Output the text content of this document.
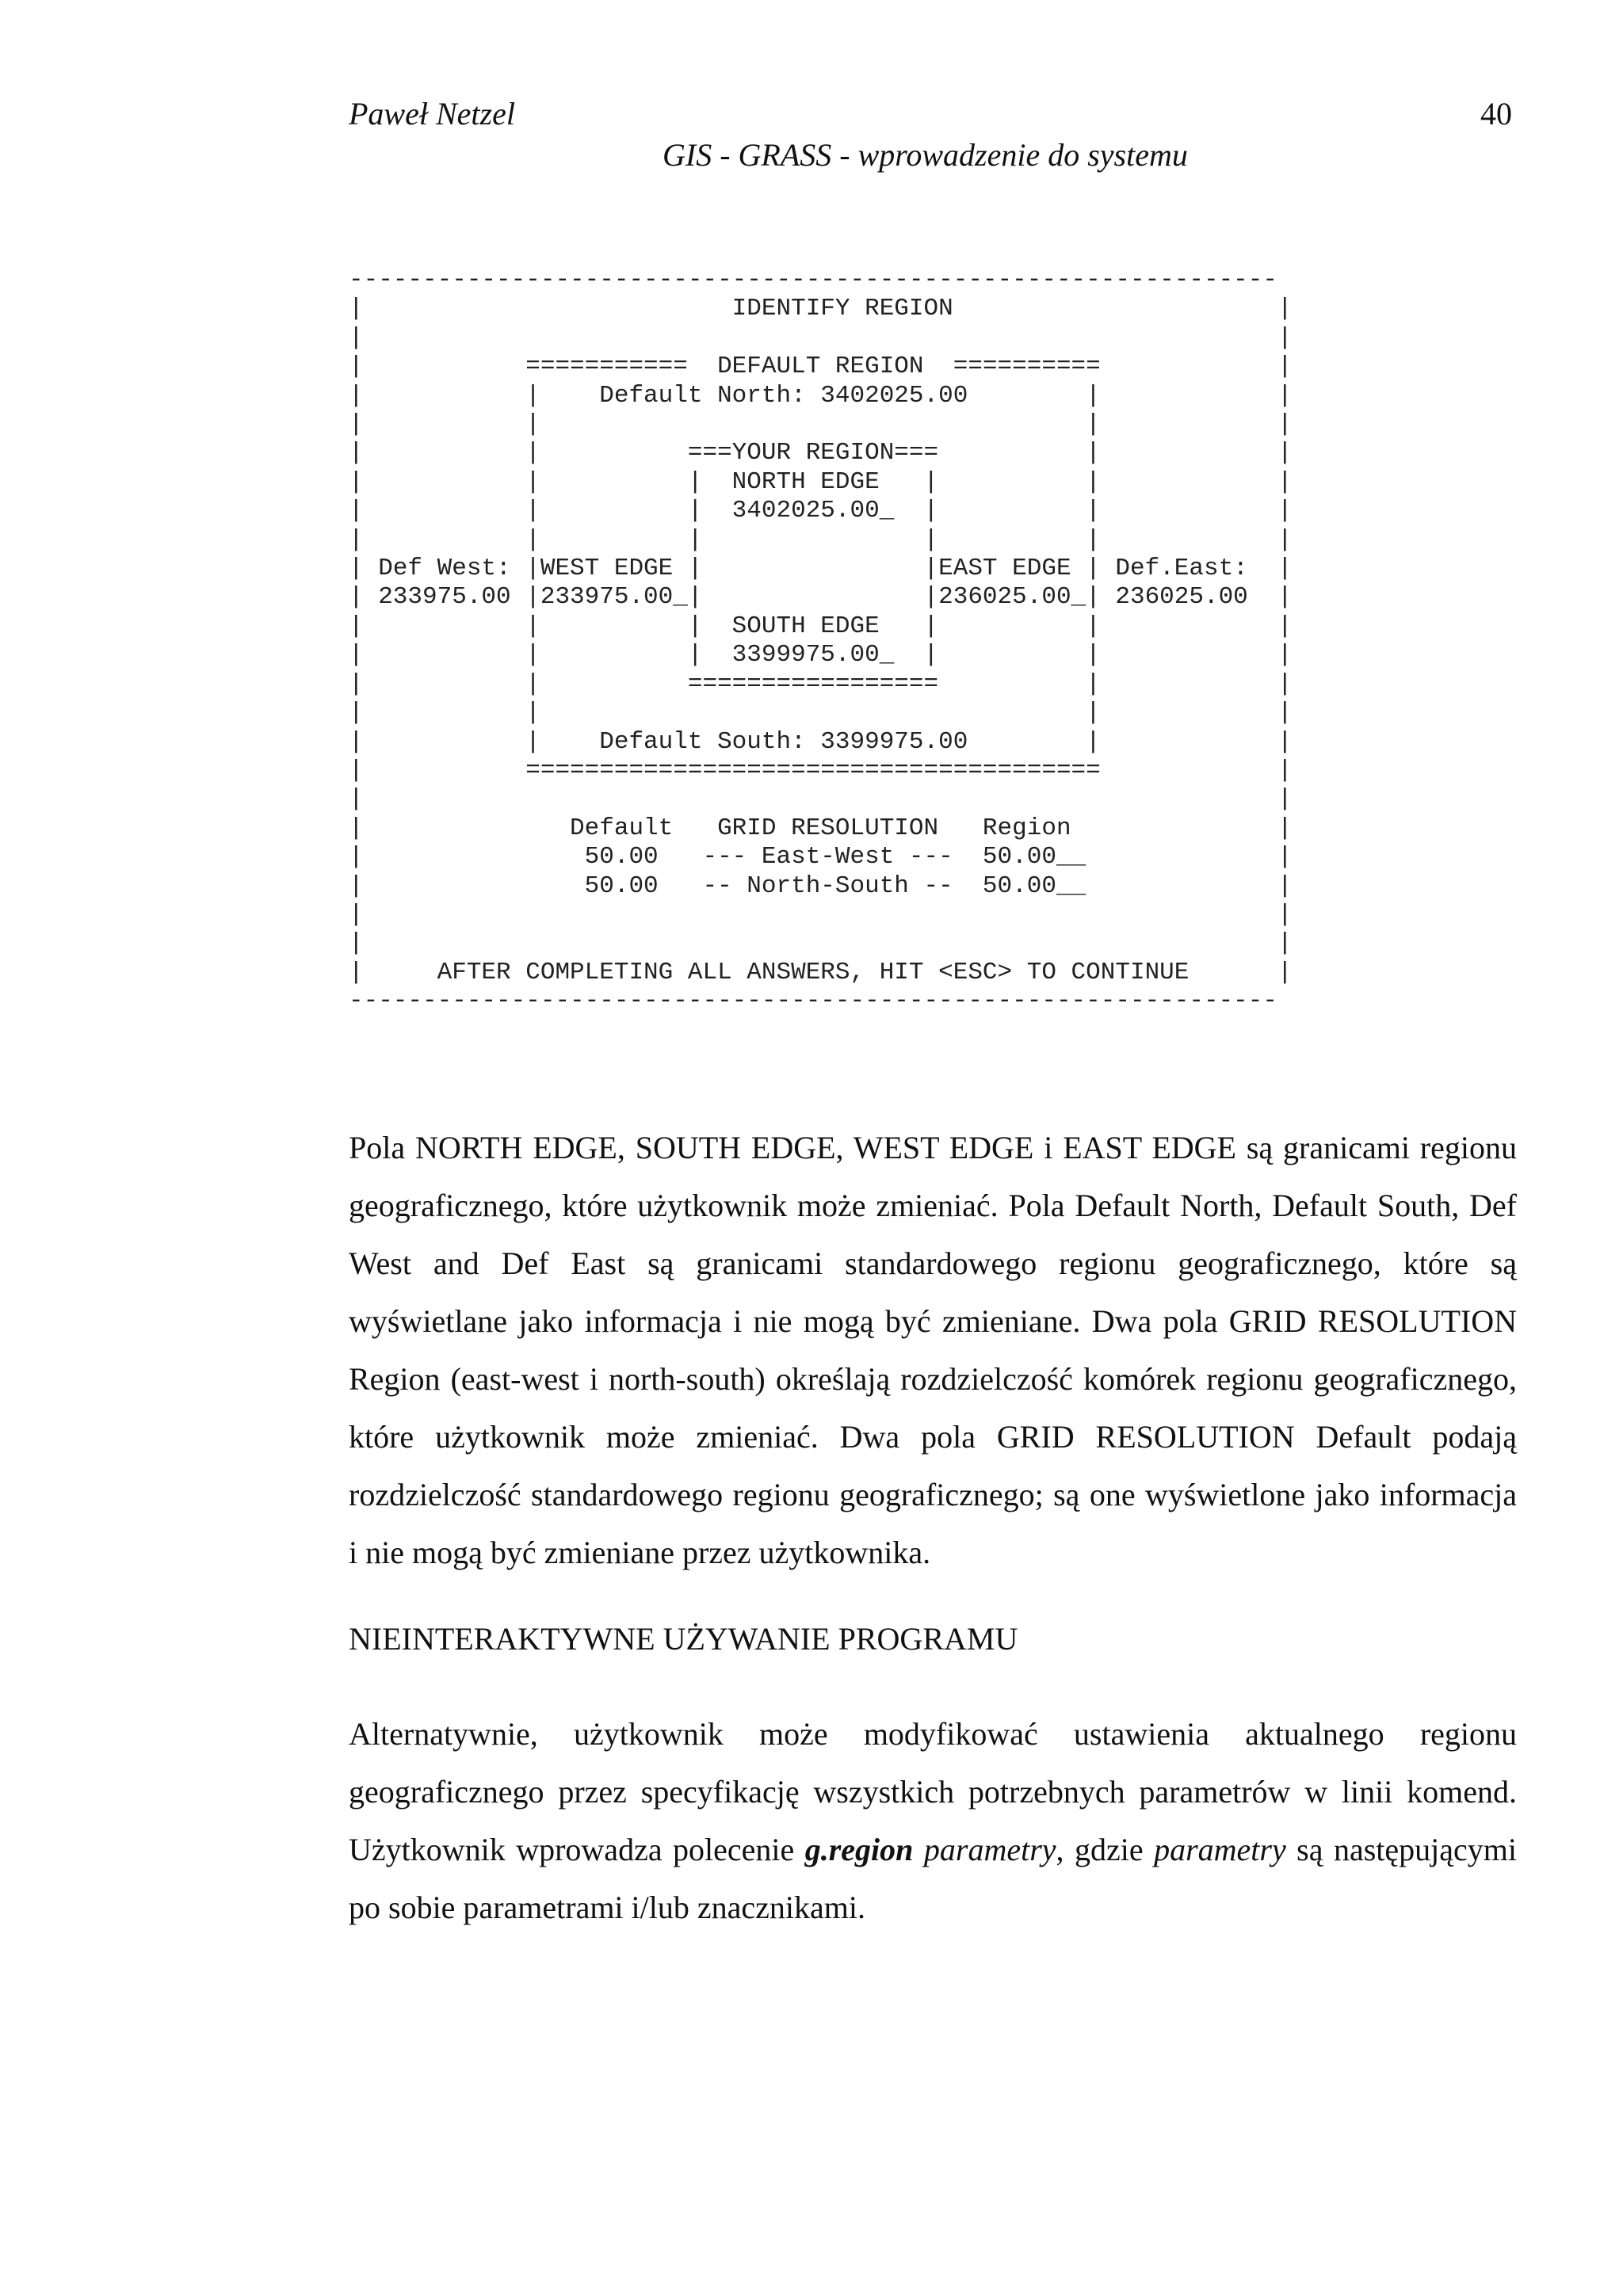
Paweł Netzel	40

GIS - GRASS - wprowadzenie do systemu

---------------------------------------------------------------
|                         IDENTIFY REGION                      |
|                                                              |
|           ===========  DEFAULT REGION  ==========            |
|           |    Default North: 3402025.00        |            |
|           |                                     |            |
|           |          ===YOUR REGION===          |            |
|           |          |  NORTH EDGE   |          |            |
|           |          |  3402025.00_  |          |            |
|           |          |               |          |            |
| Def West: |WEST EDGE |               |EAST EDGE | Def.East:  |
| 233975.00 |233975.00_|               |236025.00_| 236025.00  |
|           |          |  SOUTH EDGE   |          |            |
|           |          |  3399975.00_  |          |            |
|           |          =================          |            |
|           |                                     |            |
|           |    Default South: 3399975.00        |            |
|           =======================================            |
|                                                              |
|              Default   GRID RESOLUTION   Region              |
|               50.00   --- East-West ---  50.00__             |
|               50.00   -- North-South --  50.00__             |
|                                                              |
|                                                              |
|     AFTER COMPLETING ALL ANSWERS, HIT <ESC> TO CONTINUE      |
---------------------------------------------------------------

Pola NORTH EDGE, SOUTH EDGE, WEST EDGE i EAST EDGE są granicami regionu geograficznego, które użytkownik może zmieniać. Pola Default North, Default South, Def West and Def East są granicami standardowego regionu geograficznego, które są wyświetlane jako informacja i nie mogą być zmieniane. Dwa pola GRID RESOLUTION Region (east-west i north-south) określają rozdzielczość komórek regionu geograficznego, które użytkownik może zmieniać. Dwa pola GRID RESOLUTION Default podają rozdzielczość standardowego regionu geograficznego; są one wyświetlone jako informacja i nie mogą być zmieniane przez użytkownika.

NIEINTERAKTYWNE UŻYWANIE PROGRAMU

Alternatywnie, użytkownik może modyfikować ustawienia aktualnego regionu geograficznego przez specyfikację wszystkich potrzebnych parametrów w linii komend. Użytkownik wprowadza polecenie g.region parametry, gdzie parametry są następującymi po sobie parametrami i/lub znacznikami.
